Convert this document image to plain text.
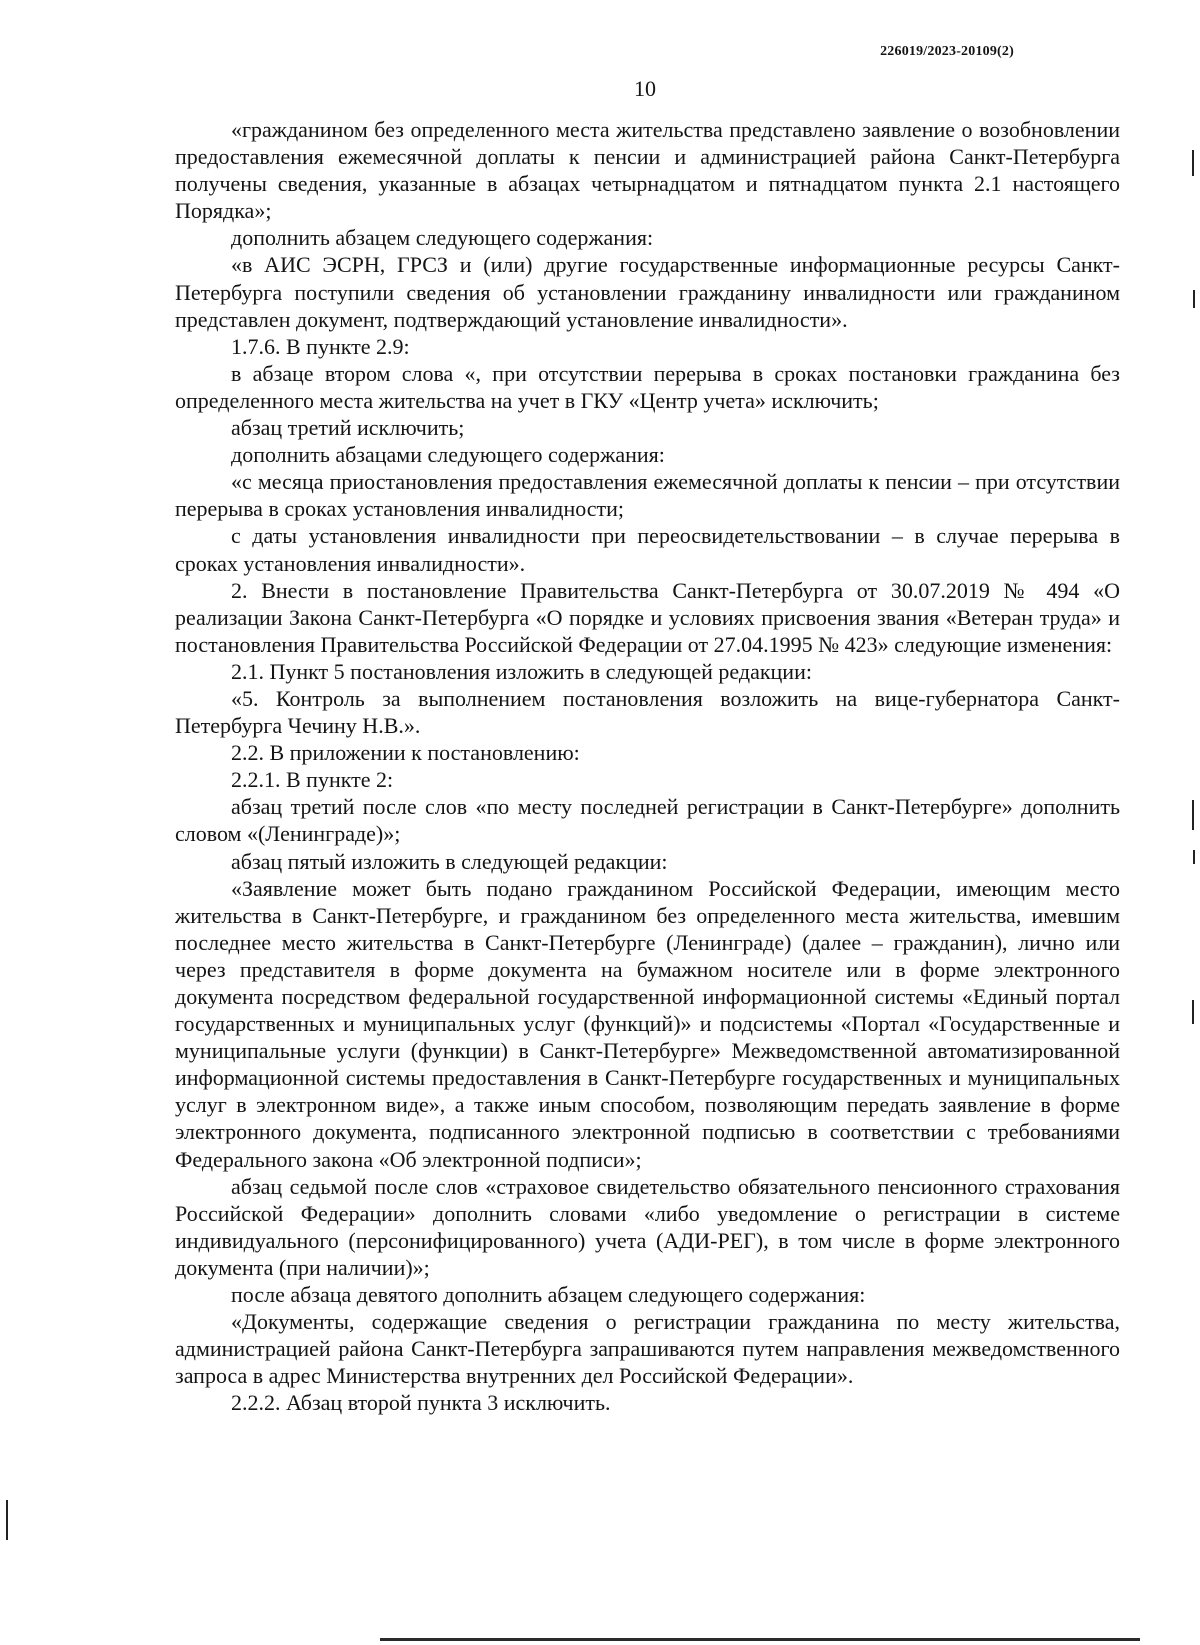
226019/2023-20109(2)
10

«гражданином без определенного места жительства представлено заявление о возобновлении предоставления ежемесячной доплаты к пенсии и администрацией района Санкт-Петербурга получены сведения, указанные в абзацах четырнадцатом и пятнадцатом пункта 2.1 настоящего Порядка»;

дополнить абзацем следующего содержания:

«в АИС ЭСРН, ГРСЗ и (или) другие государственные информационные ресурсы Санкт-Петербурга поступили сведения об установлении гражданину инвалидности или гражданином представлен документ, подтверждающий установление инвалидности».

1.7.6. В пункте 2.9:

в абзаце втором слова «, при отсутствии перерыва в сроках постановки гражданина без определенного места жительства на учет в ГКУ «Центр учета» исключить;

абзац третий исключить;

дополнить абзацами следующего содержания:

«с месяца приостановления предоставления ежемесячной доплаты к пенсии – при отсутствии перерыва в сроках установления инвалидности;

с даты установления инвалидности при переосвидетельствовании – в случае перерыва в сроках установления инвалидности».

2. Внести в постановление Правительства Санкт-Петербурга от 30.07.2019 № 494 «О реализации Закона Санкт-Петербурга «О порядке и условиях присвоения звания «Ветеран труда» и постановления Правительства Российской Федерации от 27.04.1995 № 423» следующие изменения:

2.1. Пункт 5 постановления изложить в следующей редакции:

«5. Контроль за выполнением постановления возложить на вице-губернатора Санкт-Петербурга Чечину Н.В.».

2.2. В приложении к постановлению:

2.2.1. В пункте 2:

абзац третий после слов «по месту последней регистрации в Санкт-Петербурге» дополнить словом «(Ленинграде)»;

абзац пятый изложить в следующей редакции:

«Заявление может быть подано гражданином Российской Федерации, имеющим место жительства в Санкт-Петербурге, и гражданином без определенного места жительства, имевшим последнее место жительства в Санкт-Петербурге (Ленинграде) (далее – гражданин), лично или через представителя в форме документа на бумажном носителе или в форме электронного документа посредством федеральной государственной информационной системы «Единый портал государственных и муниципальных услуг (функций)» и подсистемы «Портал «Государственные и муниципальные услуги (функции) в Санкт-Петербурге» Межведомственной автоматизированной информационной системы предоставления в Санкт-Петербурге государственных и муниципальных услуг в электронном виде», а также иным способом, позволяющим передать заявление в форме электронного документа, подписанного электронной подписью в соответствии с требованиями Федерального закона «Об электронной подписи»;

абзац седьмой после слов «страховое свидетельство обязательного пенсионного страхования Российской Федерации» дополнить словами «либо уведомление о регистрации в системе индивидуального (персонифицированного) учета (АДИ-РЕГ), в том числе в форме электронного документа (при наличии)»;

после абзаца девятого дополнить абзацем следующего содержания:

«Документы, содержащие сведения о регистрации гражданина по месту жительства, администрацией района Санкт-Петербурга запрашиваются путем направления межведомственного запроса в адрес Министерства внутренних дел Российской Федерации».

2.2.2. Абзац второй пункта 3 исключить.
